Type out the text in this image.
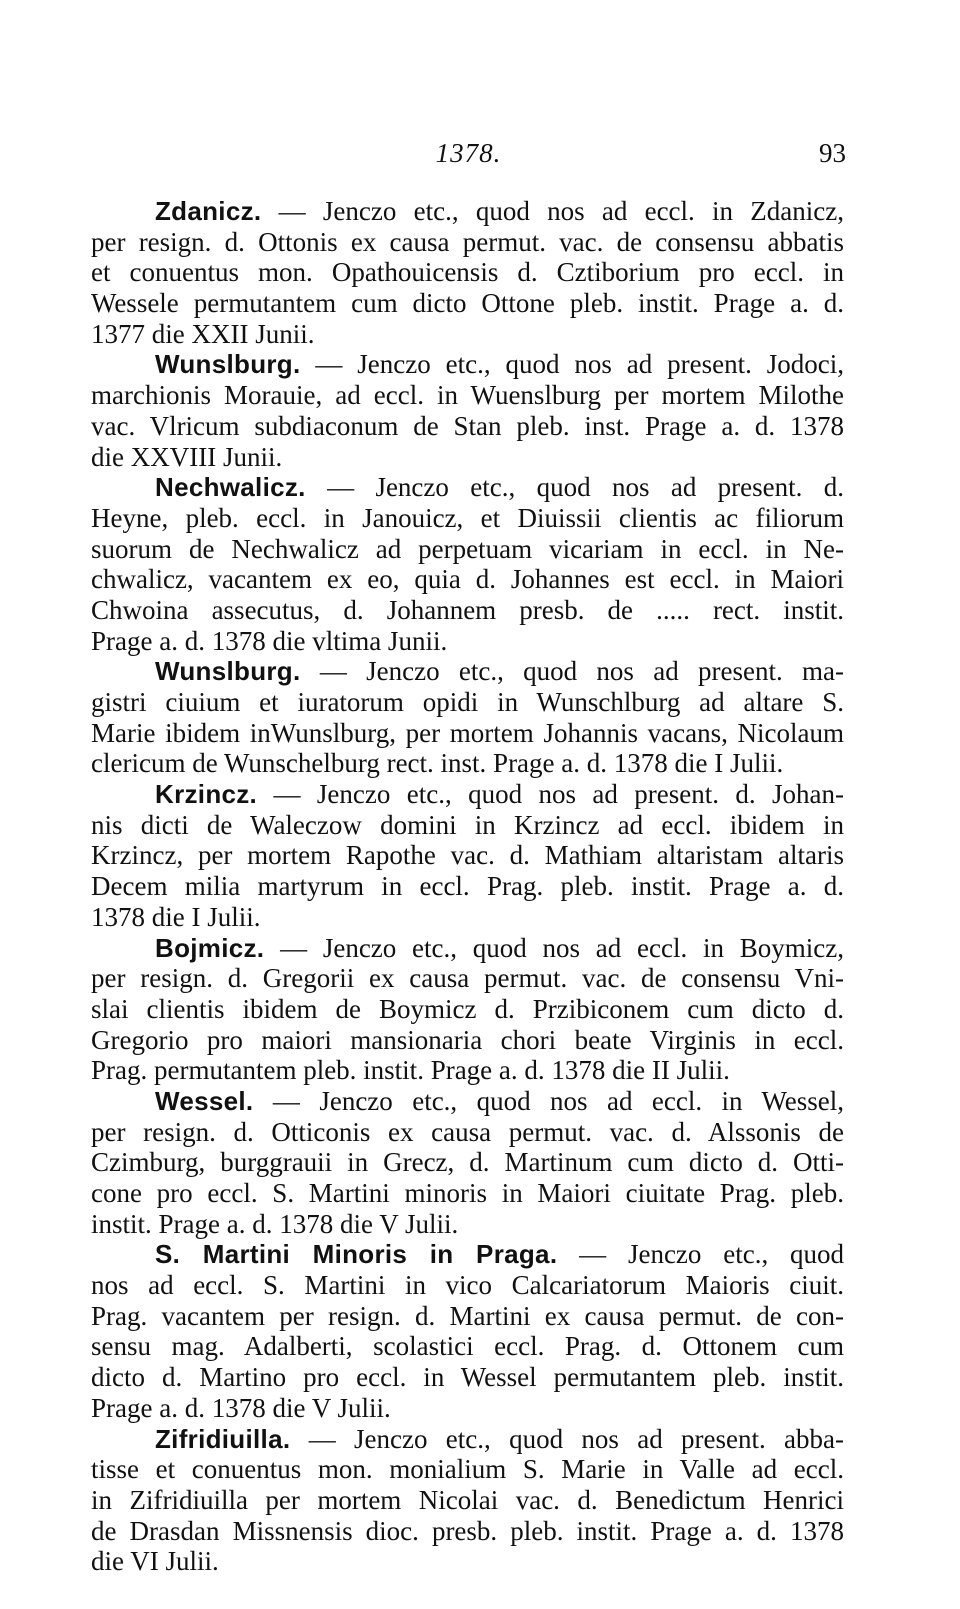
1378.	93
Zdanicz. — Jenczo etc., quod nos ad eccl. in Zdanicz,
per resign. d. Ottonis ex causa permut. vac. de consensu abbatis
et conuentus mon. Opathouicensis d. Cztiborium pro eccl. in
Wessele permutantem cum dicto Ottone pleb. instit. Prage a. d.
1377 die XXII Junii.
Wunslburg. — Jenczo etc., quod nos ad present. Jodoci,
marchionis Morauie, ad eccl. in Wuenslburg per mortem Milothe
vac. Vlricum subdiaconum de Stan pleb. inst. Prage a. d. 1378
die XXVIII Junii.
Nechwalicz. — Jenczo etc., quod nos ad present. d.
Heyne, pleb. eccl. in Janouicz, et Diuissii clientis ac filiorum
suorum de Nechwalicz ad perpetuam vicariam in eccl. in Ne-
chwalicz, vacantem ex eo, quia d. Johannes est eccl. in Maiori
Chwoina assecutus, d. Johannem presb. de ..... rect. instit.
Prage a. d. 1378 die vltima Junii.
Wunslburg. — Jenczo etc., quod nos ad present. ma-
gistri ciuium et iuratorum opidi in Wunschlburg ad altare S.
Marie ibidem inWunslburg, per mortem Johannis vacans, Nicolaum
clericum de Wunschelburg rect. inst. Prage a. d. 1378 die I Julii.
Krzincz. — Jenczo etc., quod nos ad present. d. Johan-
nis dicti de Waleczow domini in Krzincz ad eccl. ibidem in
Krzincz, per mortem Rapothe vac. d. Mathiam altaristam altaris
Decem milia martyrum in eccl. Prag. pleb. instit. Prage a. d.
1378 die I Julii.
Bojmicz. — Jenczo etc., quod nos ad eccl. in Boymicz,
per resign. d. Gregorii ex causa permut. vac. de consensu Vni-
slai clientis ibidem de Boymicz d. Przibiconem cum dicto d.
Gregorio pro maiori mansionaria chori beate Virginis in eccl.
Prag. permutantem pleb. instit. Prage a. d. 1378 die II Julii.
Wessel. — Jenczo etc., quod nos ad eccl. in Wessel,
per resign. d. Otticonis ex causa permut. vac. d. Alssonis de
Czimburg, burggrauii in Grecz, d. Martinum cum dicto d. Otti-
cone pro eccl. S. Martini minoris in Maiori ciuitate Prag. pleb.
instit. Prage a. d. 1378 die V Julii.
S. Martini Minoris in Praga. — Jenczo etc., quod
nos ad eccl. S. Martini in vico Calcariatorum Maioris ciuit.
Prag. vacantem per resign. d. Martini ex causa permut. de con-
sensu mag. Adalberti, scolastici eccl. Prag. d. Ottonem cum
dicto d. Martino pro eccl. in Wessel permutantem pleb. instit.
Prage a. d. 1378 die V Julii.
Zifridiuilla. — Jenczo etc., quod nos ad present. abba-
tisse et conuentus mon. monialium S. Marie in Valle ad eccl.
in Zifridiuilla per mortem Nicolai vac. d. Benedictum Henrici
de Drasdan Missnensis dioc. presb. pleb. instit. Prage a. d. 1378
die VI Julii.
